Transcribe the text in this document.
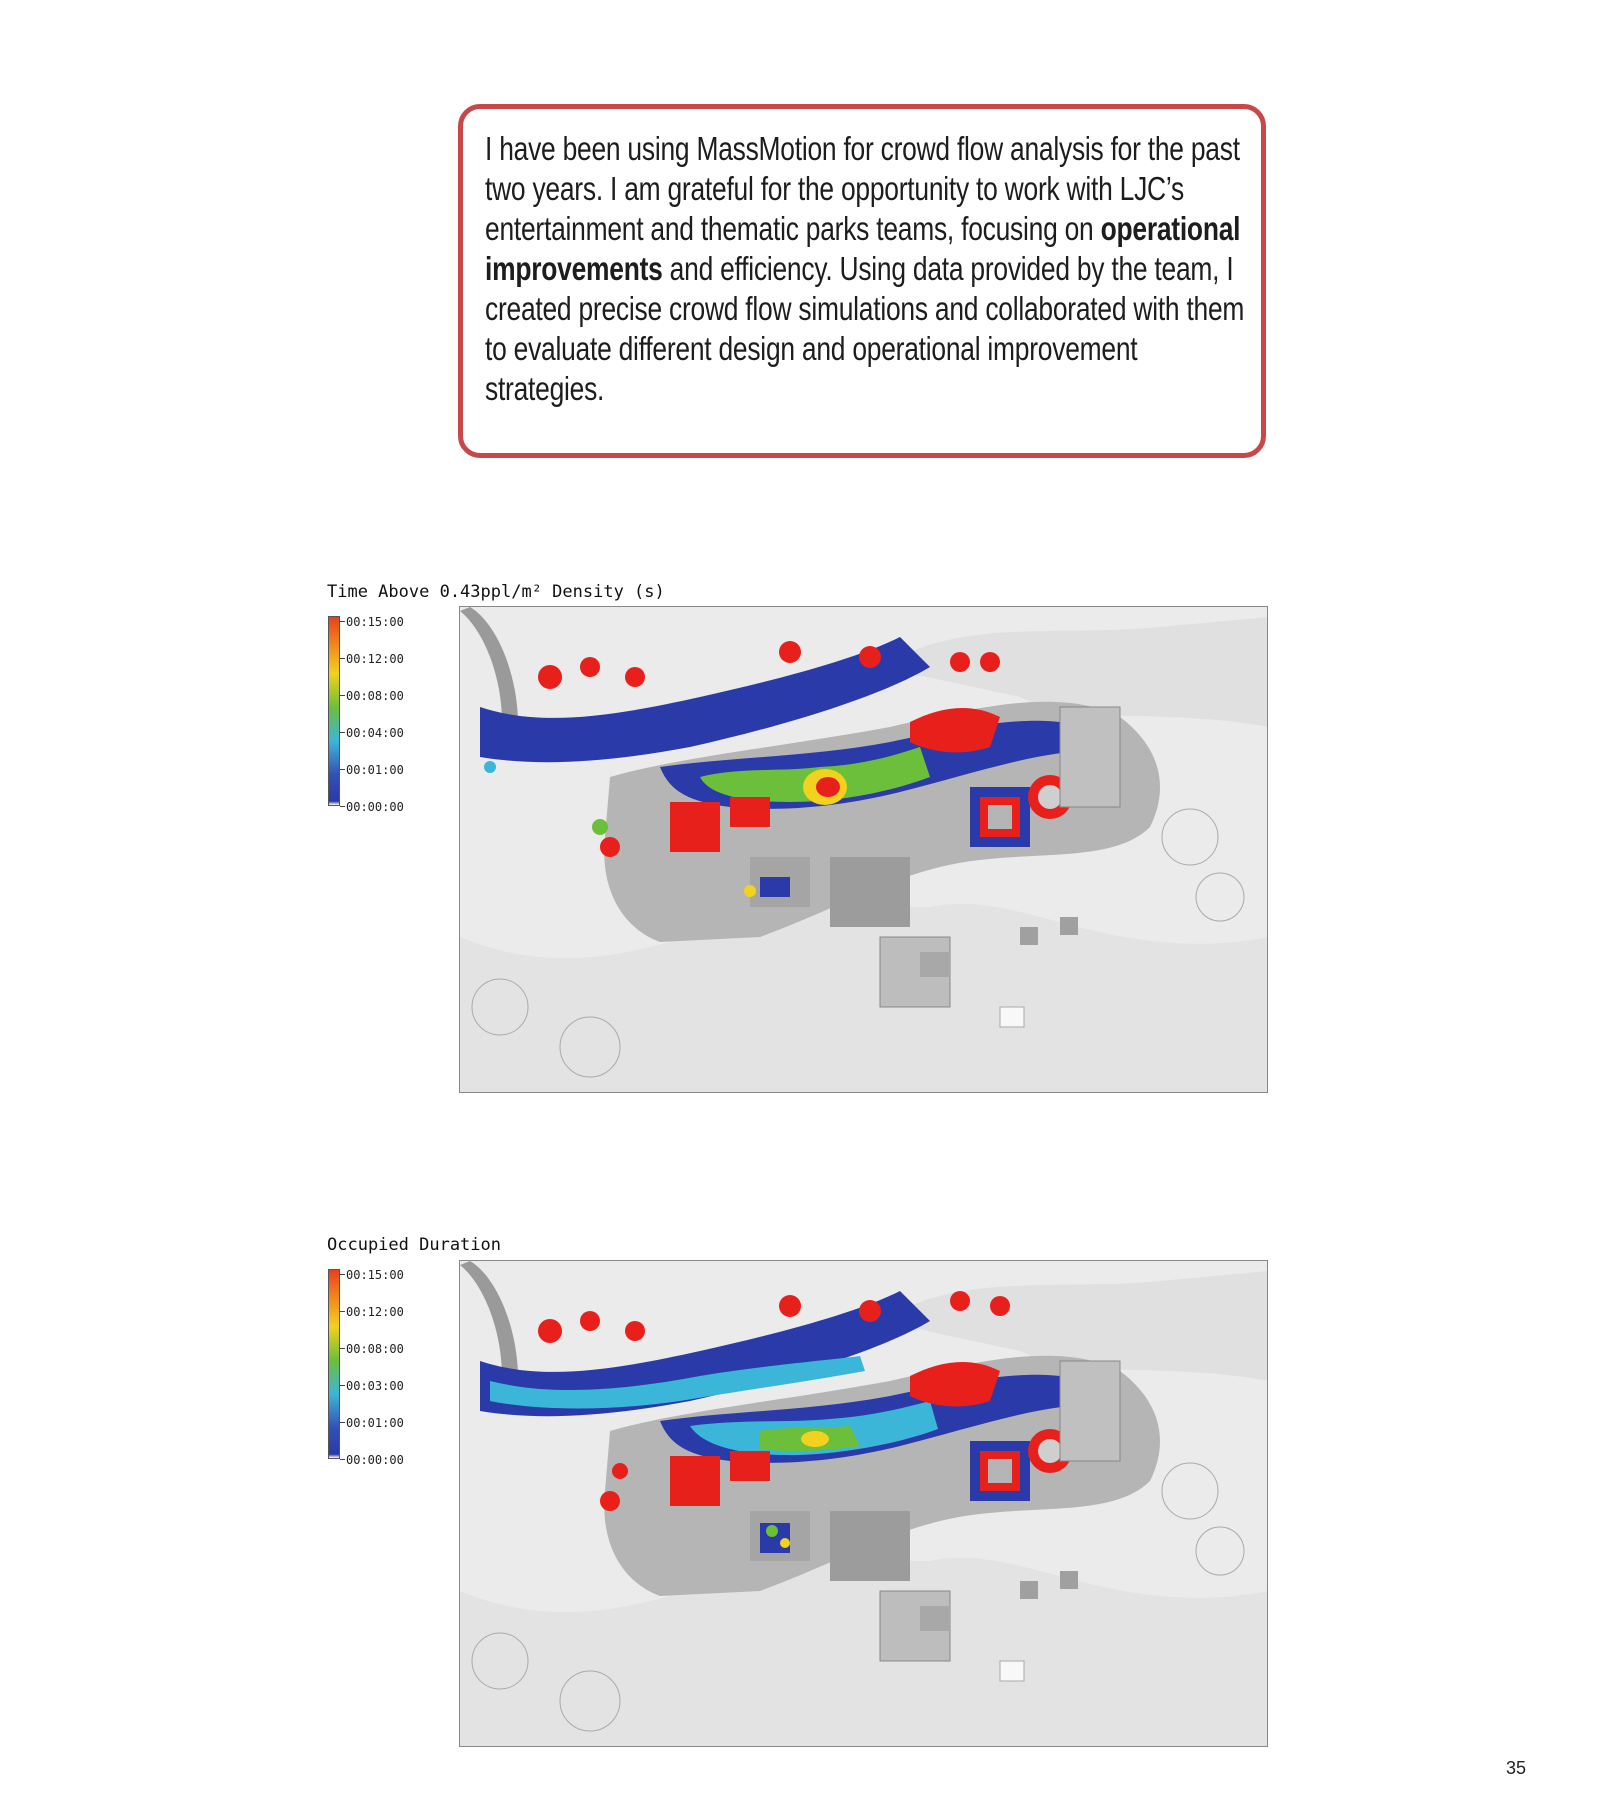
I have been using MassMotion for crowd flow analysis for the past two years. I am grateful for the opportunity to work with LJC’s entertainment and thematic parks teams, focusing on operational improvements and efficiency. Using data provided by the team, I created precise crowd flow simulations and collaborated with them to evaluate different design and operational improvement strategies.
Time Above 0.43ppl/m² Density (s)
00:15:00
00:12:00
00:08:00
00:04:00
00:01:00
00:00:00
Occupied Duration
00:15:00
00:12:00
00:08:00
00:03:00
00:01:00
00:00:00
35
